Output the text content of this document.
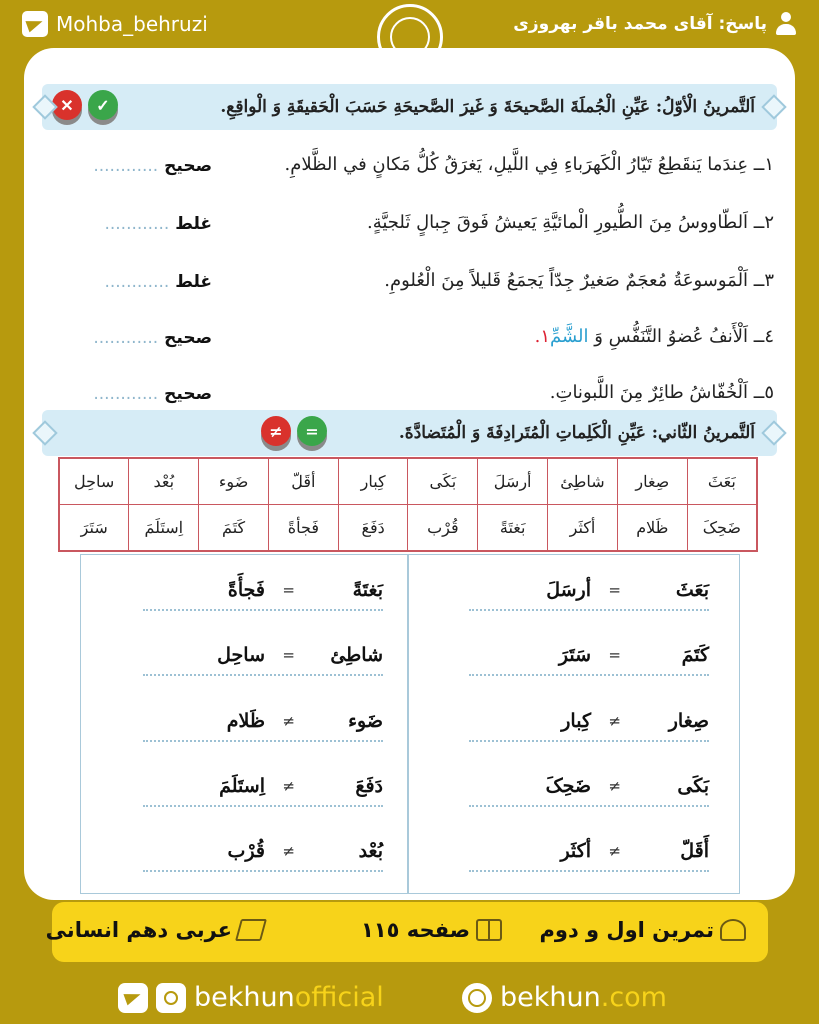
Mohba_behruzi	پاسخ: آقای محمد باقر بهروزی
اَلتَّمرینُ الْأوّلُ: عَیِّنِ الْجُملَةَ الصَّحیحَةَ وَ غَیرَ الصَّحیحَةِ حَسَبَ الْحَقیقَةِ وَ الْواقِعِ.
✓
✕
١ــ عِندَما یَنقَطِعُ تَیّارُ الْکَهرَباءِ فِي اللَّیلِ، یَغرَقُ کُلُّ مَکانٍ في الظَّلامِ.
صحیح ............
٢ــ اَلطّاووسُ مِنَ الطُّیورِ الْمائیَّةِ یَعیشُ فَوقَ جِبالٍ ثَلجیَّةٍ.
غلط ............
٣ــ اَلْمَوسوعَةُ مُعجَمٌ صَغیرٌ جِدّاً یَجمَعُ قَلیلاً مِنَ الْعُلومِ.
غلط ............
٤ــ اَلْأَنفُ عُضوُ التَّنَفُّسِ وَ الشَّمِّ١.
صحیح ............
٥ــ اَلْخُفّاشُ طائِرٌ مِنَ اللَّبوناتِ.
صحیح ............
اَلتَّمرینُ الثّاني: عَیِّنِ الْکَلِماتِ الْمُتَرادِفَةَ وَ الْمُتَضادَّةَ.
=
≠
بَعَثَ	صِغار	شاطِئ	أرسَلَ	بَکَی	کِبار	أقَلّ	ضَوء	بُعْد	ساحِل
ضَحِکَ	ظَلام	أکثَر	بَغتَةً	قُرْب	دَفَعَ	فَجأةً	کَتَمَ	اِستَلَمَ	سَتَرَ
بَعَثَ
=
أرسَلَ
کَتَمَ
=
سَتَرَ
صِغار
≠
کِبار
بَکَی
≠
ضَحِکَ
أَقَلّ
≠
أکثَر
بَغتَةً
=
فَجأَةً
شاطِئ
=
ساحِل
ضَوء
≠
ظَلام
دَفَعَ
≠
اِستَلَمَ
بُعْد
≠
قُرْب
تمرین اول و دوم
صفحه ١١٥
عربی دهم انسانی
bekhunofficial	bekhun.com
